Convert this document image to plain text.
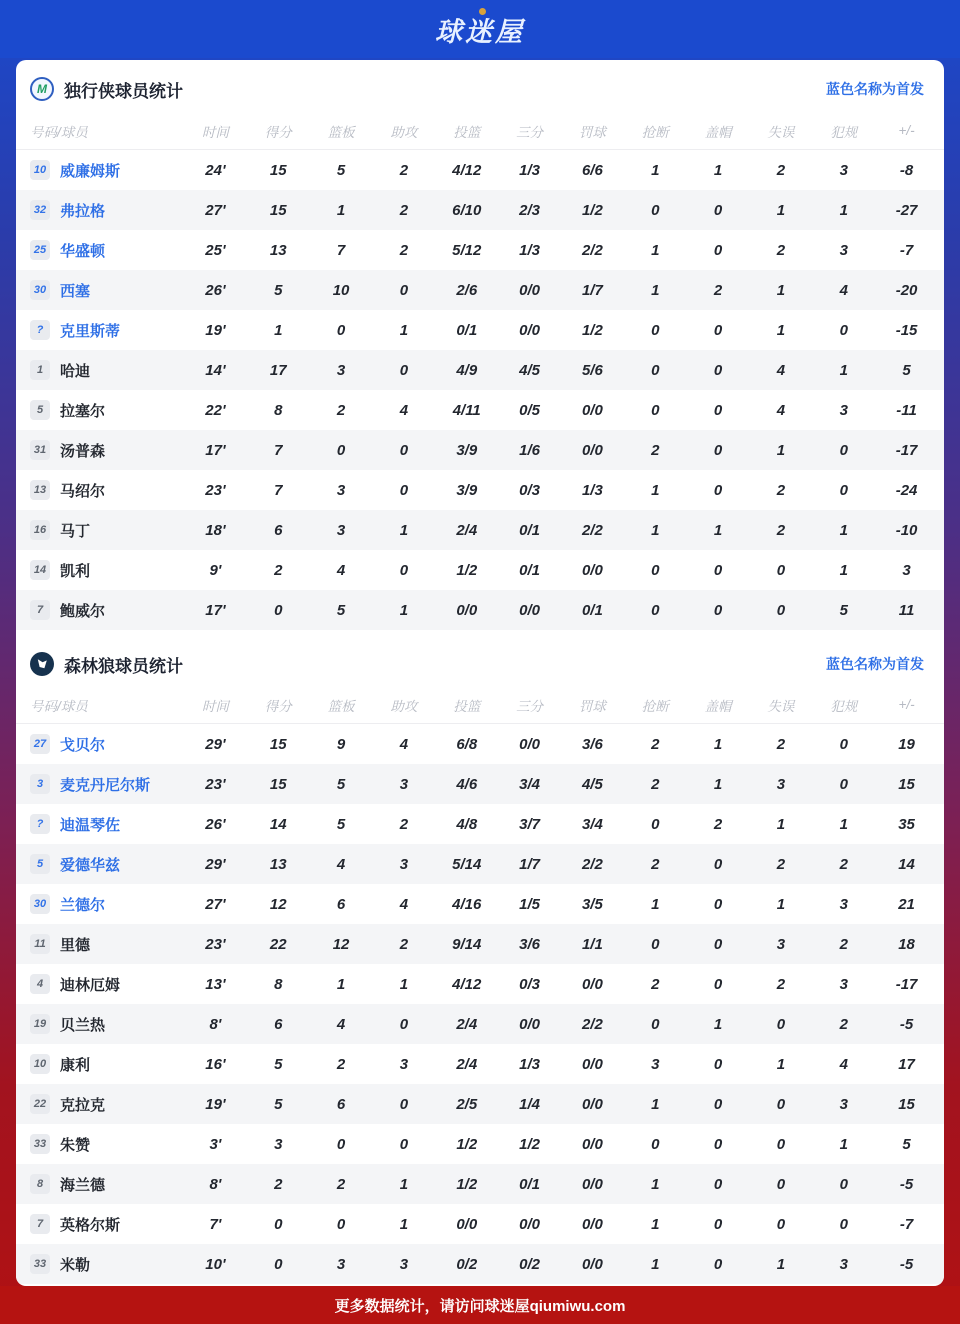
球迷屋
M 独行侠球员统计	蓝色名称为首发
号码/球员	时间	得分	篮板	助攻	投篮	三分	罚球	抢断	盖帽	失误	犯规	+/-
10 威廉姆斯	24'	15	5	2	4/12	1/3	6/6	1	1	2	3	-8
32 弗拉格	27'	15	1	2	6/10	2/3	1/2	0	0	1	1	-27
25 华盛顿	25'	13	7	2	5/12	1/3	2/2	1	0	2	3	-7
30 西塞	26'	5	10	0	2/6	0/0	1/7	1	2	1	4	-20
?	克里斯蒂	19'	1	0	1	0/1	0/0	1/2	0	0	1	0	-15
1	哈迪	14'	17	3	0	4/9	4/5	5/6	0	0	4	1	5
5	拉塞尔	22'	8	2	4	4/11	0/5	0/0	0	0	4	3	-11
31 汤普森	17'	7	0	0	3/9	1/6	0/0	2	0	1	0	-17
13 马绍尔	23'	7	3	0	3/9	0/3	1/3	1	0	2	0	-24
16 马丁	18'	6	3	1	2/4	0/1	2/2	1	1	2	1	-10
14 凯利	9'	2	4	0	1/2	0/1	0/0	0	0	0	1	3
7	鲍威尔	17'	0	5	1	0/0	0/0	0/1	0	0	0	5	11
森林狼球员统计	蓝色名称为首发
号码/球员	时间	得分	篮板	助攻	投篮	三分	罚球	抢断	盖帽	失误	犯规	+/-
27 戈贝尔	29'	15	9	4	6/8	0/0	3/6	2	1	2	0	19
3	麦克丹尼尔斯	23'	15	5	3	4/6	3/4	4/5	2	1	3	0	15
?	迪温琴佐	26'	14	5	2	4/8	3/7	3/4	0	2	1	1	35
5	爱德华兹	29'	13	4	3	5/14	1/7	2/2	2	0	2	2	14
30 兰德尔	27'	12	6	4	4/16	1/5	3/5	1	0	1	3	21
11 里德	23'	22	12	2	9/14	3/6	1/1	0	0	3	2	18
4	迪林厄姆	13'	8	1	1	4/12	0/3	0/0	2	0	2	3	-17
19 贝兰热	8'	6	4	0	2/4	0/0	2/2	0	1	0	2	-5
10 康利	16'	5	2	3	2/4	1/3	0/0	3	0	1	4	17
22 克拉克	19'	5	6	0	2/5	1/4	0/0	1	0	0	3	15
33 朱赞	3'	3	0	0	1/2	1/2	0/0	0	0	0	1	5
8	海兰德	8'	2	2	1	1/2	0/1	0/0	1	0	0	0	-5
7	英格尔斯	7'	0	0	1	0/0	0/0	0/0	1	0	0	0	-7
33 米勒	10'	0	3	3	0/2	0/2	0/0	1	0	1	3	-5
更多数据统计，请访问球迷屋qiumiwu.com
